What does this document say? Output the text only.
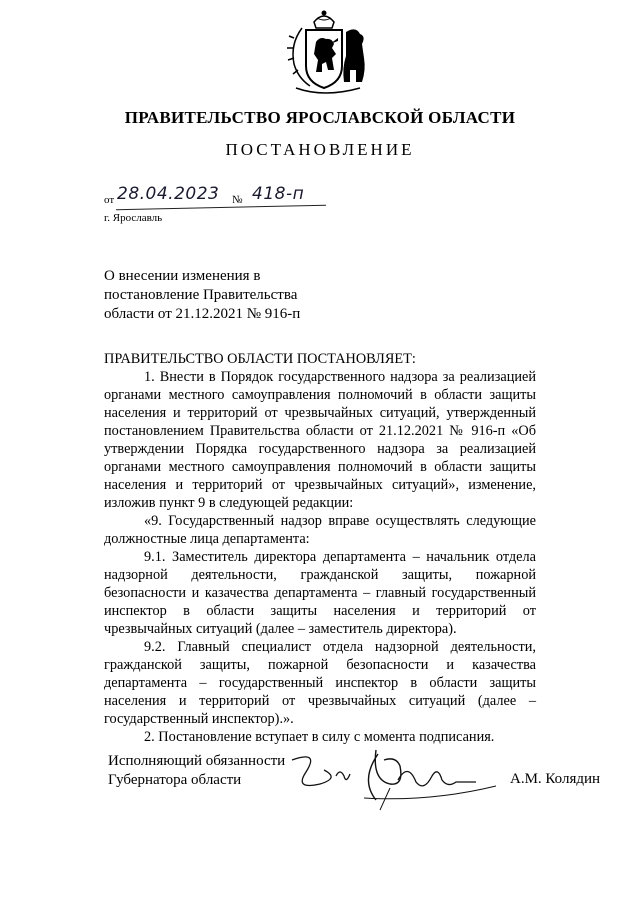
ПРАВИТЕЛЬСТВО ЯРОСЛАВСКОЙ ОБЛАСТИ
ПОСТАНОВЛЕНИЕ
от 28.04.2023 № 418-п
г. Ярославль
О внесении изменения в
постановление Правительства
области от 21.12.2021 № 916-п

ПРАВИТЕЛЬСТВО ОБЛАСТИ ПОСТАНОВЛЯЕТ:

1. Внести в Порядок государственного надзора за реализацией органами местного самоуправления полномочий в области защиты населения и территорий от чрезвычайных ситуаций, утвержденный постановлением Правительства области от 21.12.2021 № 916-п «Об утверждении Порядка государственного надзора за реализацией органами местного самоуправления полномочий в области защиты населения и территорий от чрезвычайных ситуаций», изменение, изложив пункт 9 в следующей редакции:

«9. Государственный надзор вправе осуществлять следующие должностные лица департамента:

9.1. Заместитель директора департамента – начальник отдела надзорной деятельности, гражданской защиты, пожарной безопасности и казачества департамента – главный государственный инспектор в области защиты населения и территорий от чрезвычайных ситуаций (далее – заместитель директора).

9.2. Главный специалист отдела надзорной деятельности, гражданской защиты, пожарной безопасности и казачества департамента – государственный инспектор в области защиты населения и территорий от чрезвычайных ситуаций (далее – государственный инспектор).».

2. Постановление вступает в силу с момента подписания.

Исполняющий обязанности
Губернатора области	А.М. Колядин
